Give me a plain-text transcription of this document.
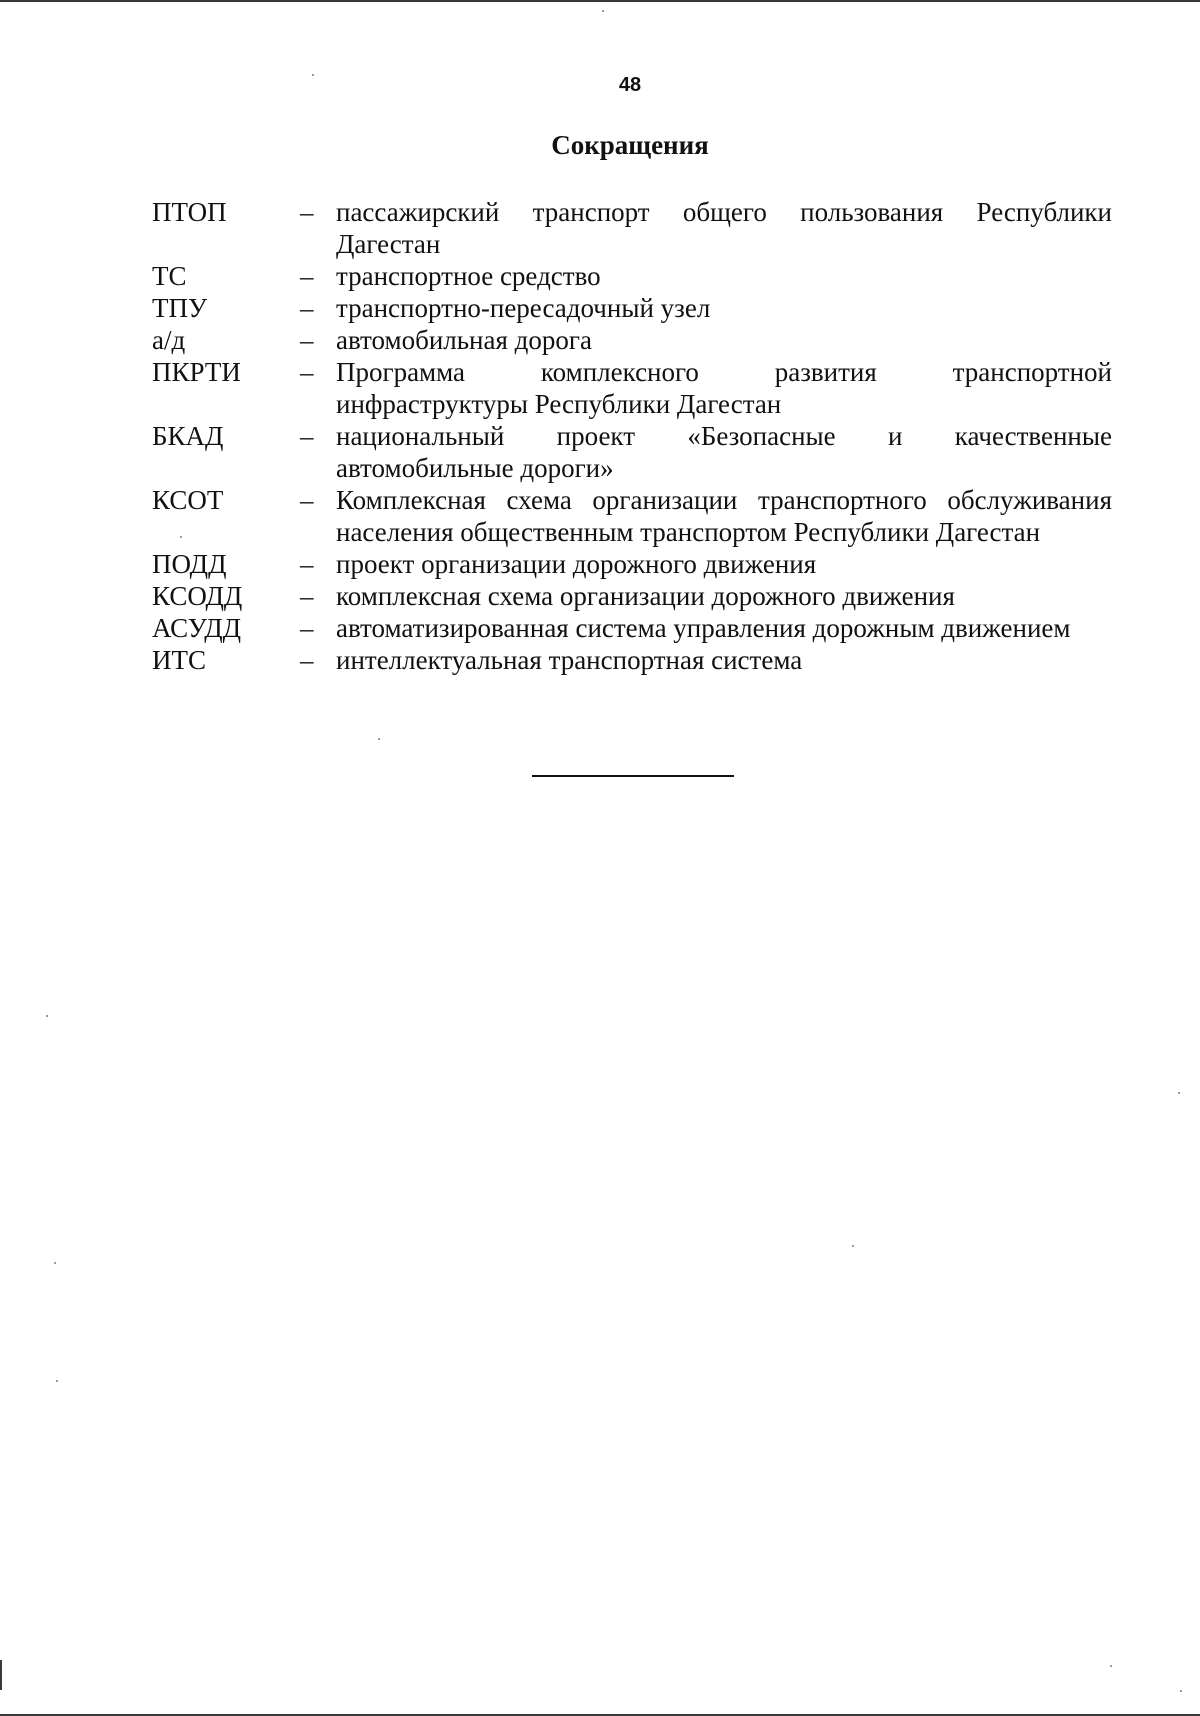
48
Сокращения
ПТОП	– пассажирский транспорт общего пользования Республики
Дагестан
ТС	– транспортное средство
ТПУ	– транспортно-пересадочный узел
а/д	– автомобильная дорога
ПКРТИ	– Программа комплексного развития транспортной
инфраструктуры Республики Дагестан
БКАД	– национальный проект «Безопасные и качественные
автомобильные дороги»
КСОТ	– Комплексная схема организации транспортного обслуживания
населения общественным транспортом Республики Дагестан
ПОДД	– проект организации дорожного движения
КСОДД	– комплексная схема организации дорожного движения
АСУДД	– автоматизированная система управления дорожным движением
ИТС	– интеллектуальная транспортная система
